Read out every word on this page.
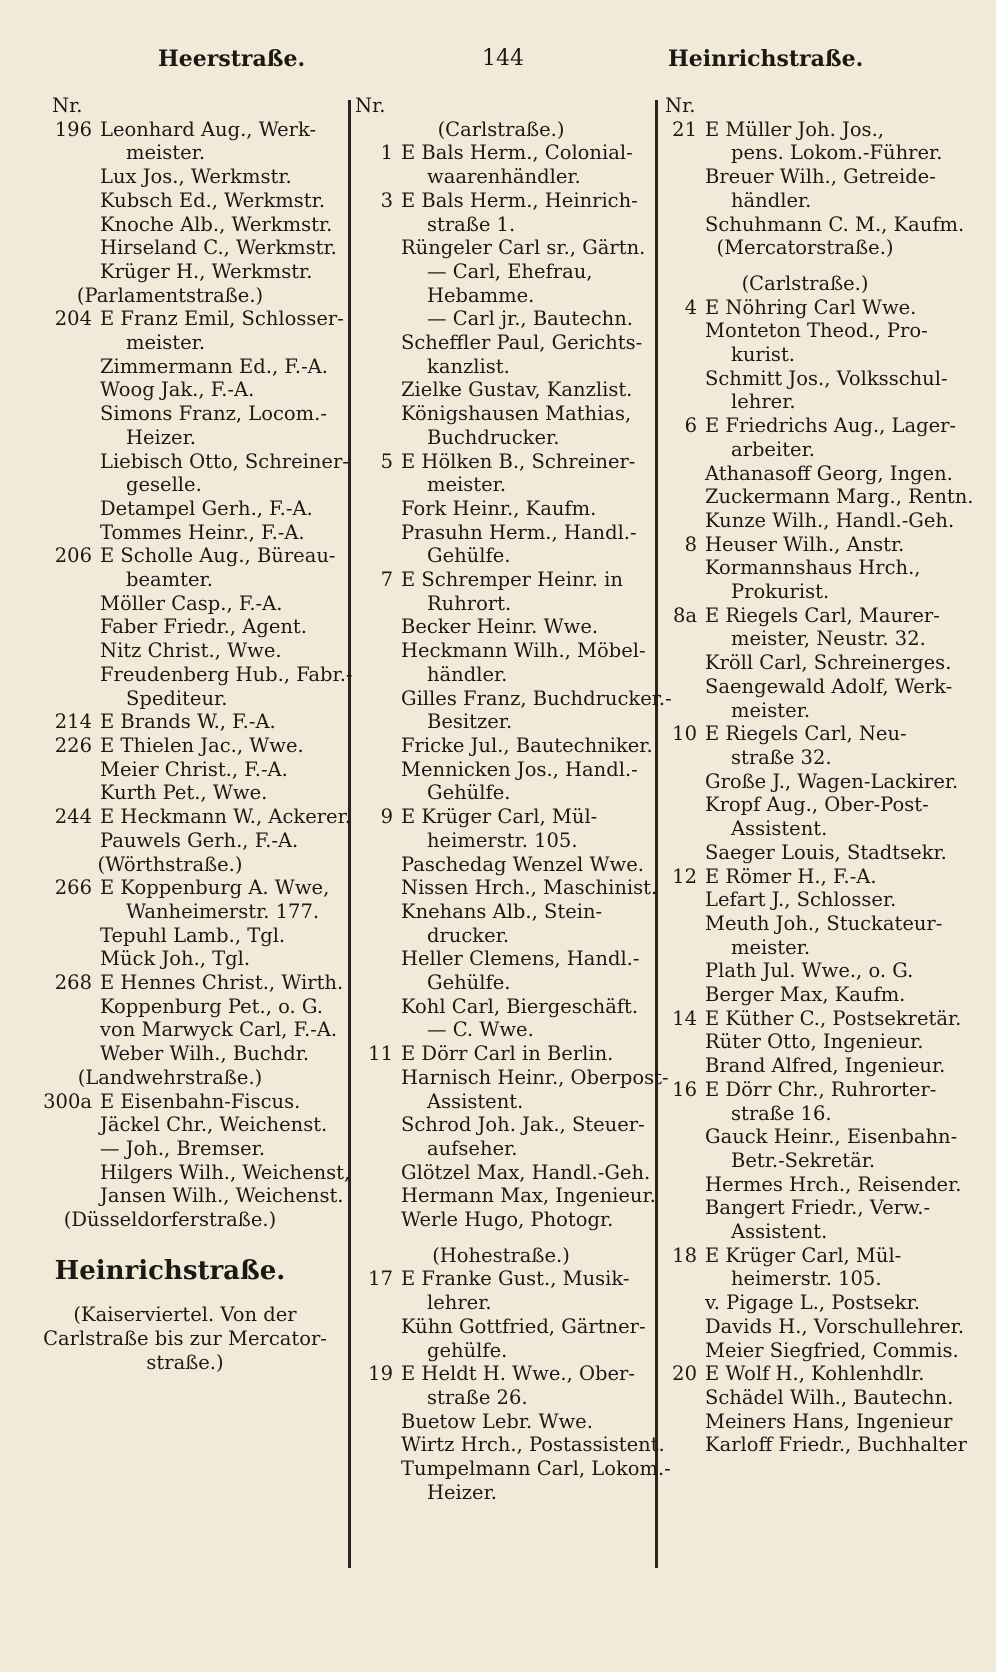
Heerstraße.	144	Heinrichstraße.
Nr.
196 Leonhard Aug., Werk-
meister.
Lux Jos., Werkmstr.
Kubsch Ed., Werkmstr.
Knoche Alb., Werkmstr.
Hirseland C., Werkmstr.
Krüger H., Werkmstr.
(Parlamentstraße.)
204 E Franz Emil, Schlosser-
meister.
Zimmermann Ed., F.-A.
Woog Jak., F.-A.
Simons Franz, Locom.-
Heizer.
Liebisch Otto, Schreiner-
geselle.
Detampel Gerh., F.-A.
Tommes Heinr., F.-A.
206 E Scholle Aug., Büreau-
beamter.
Möller Casp., F.-A.
Faber Friedr., Agent.
Nitz Christ., Wwe.
Freudenberg Hub., Fabr.-
Spediteur.
214 E Brands W., F.-A.
226 E Thielen Jac., Wwe.
Meier Christ., F.-A.
Kurth Pet., Wwe.
244 E Heckmann W., Ackerer.
Pauwels Gerh., F.-A.
(Wörthstraße.)
266 E Koppenburg A. Wwe,
Wanheimerstr. 177.
Tepuhl Lamb., Tgl.
Mück Joh., Tgl.
268 E Hennes Christ., Wirth.
Koppenburg Pet., o. G.
von Marwyck Carl, F.-A.
Weber Wilh., Buchdr.
(Landwehrstraße.)
300a E Eisenbahn-Fiscus.
Jäckel Chr., Weichenst.
— Joh., Bremser.
Hilgers Wilh., Weichenst,
Jansen Wilh., Weichenst.
(Düsseldorferstraße.)
Heinrichstraße.
(Kaiserviertel. Von der Carlstraße bis zur Mercator-straße.)
Nr.
(Carlstraße.)
1 E Bals Herm., Colonial-
waarenhändler.
3 E Bals Herm., Heinrich-
straße 1.
Rüngeler Carl sr., Gärtn.
— Carl, Ehefrau,
Hebamme.
— Carl jr., Bautechn.
Scheffler Paul, Gerichts-
kanzlist.
Zielke Gustav, Kanzlist.
Königshausen Mathias,
Buchdrucker.
5 E Hölken B., Schreiner-
meister.
Fork Heinr., Kaufm.
Prasuhn Herm., Handl.-
Gehülfe.
7 E Schremper Heinr. in
Ruhrort.
Becker Heinr. Wwe.
Heckmann Wilh., Möbel-
händler.
Gilles Franz, Buchdrucker.-
Besitzer.
Fricke Jul., Bautechniker.
Mennicken Jos., Handl.-
Gehülfe.
9 E Krüger Carl, Mül-
heimerstr. 105.
Paschedag Wenzel Wwe.
Nissen Hrch., Maschinist.
Knehans Alb., Stein-
drucker.
Heller Clemens, Handl.-
Gehülfe.
Kohl Carl, Biergeschäft.
— C. Wwe.
11 E Dörr Carl in Berlin.
Harnisch Heinr., Oberpost-
Assistent.
Schrod Joh. Jak., Steuer-
aufseher.
Glötzel Max, Handl.-Geh.
Hermann Max, Ingenieur.
Werle Hugo, Photogr.
(Hohestraße.)
17 E Franke Gust., Musik-
lehrer.
Kühn Gottfried, Gärtner-
gehülfe.
19 E Heldt H. Wwe., Ober-
straße 26.
Buetow Lebr. Wwe.
Wirtz Hrch., Postassistent.
Tumpelmann Carl, Lokom.-
Heizer.
Nr.
21 E Müller Joh. Jos.,
pens. Lokom.-Führer.
Breuer Wilh., Getreide-
händler.
Schuhmann C. M., Kaufm.
(Mercatorstraße.)
(Carlstraße.)
4 E Nöhring Carl Wwe.
Monteton Theod., Pro-
kurist.
Schmitt Jos., Volksschul-
lehrer.
6 E Friedrichs Aug., Lager-
arbeiter.
Athanasoff Georg, Ingen.
Zuckermann Marg., Rentn.
Kunze Wilh., Handl.-Geh.
8 Heuser Wilh., Anstr.
Kormannshaus Hrch.,
Prokurist.
8a E Riegels Carl, Maurer-
meister, Neustr. 32.
Kröll Carl, Schreinerges.
Saengewald Adolf, Werk-
meister.
10 E Riegels Carl, Neu-
straße 32.
Große J., Wagen-Lackirer.
Kropf Aug., Ober-Post-
Assistent.
Saeger Louis, Stadtsekr.
12 E Römer H., F.-A.
Lefart J., Schlosser.
Meuth Joh., Stuckateur-
meister.
Plath Jul. Wwe., o. G.
Berger Max, Kaufm.
14 E Küther C., Postsekretär.
Rüter Otto, Ingenieur.
Brand Alfred, Ingenieur.
16 E Dörr Chr., Ruhrorter-
straße 16.
Gauck Heinr., Eisenbahn-
Betr.-Sekretär.
Hermes Hrch., Reisender.
Bangert Friedr., Verw.-
Assistent.
18 E Krüger Carl, Mül-
heimerstr. 105.
v. Pigage L., Postsekr.
Davids H., Vorschullehrer.
Meier Siegfried, Commis.
20 E Wolf H., Kohlenhdlr.
Schädel Wilh., Bautechn.
Meiners Hans, Ingenieur
Karloff Friedr., Buchhalter
